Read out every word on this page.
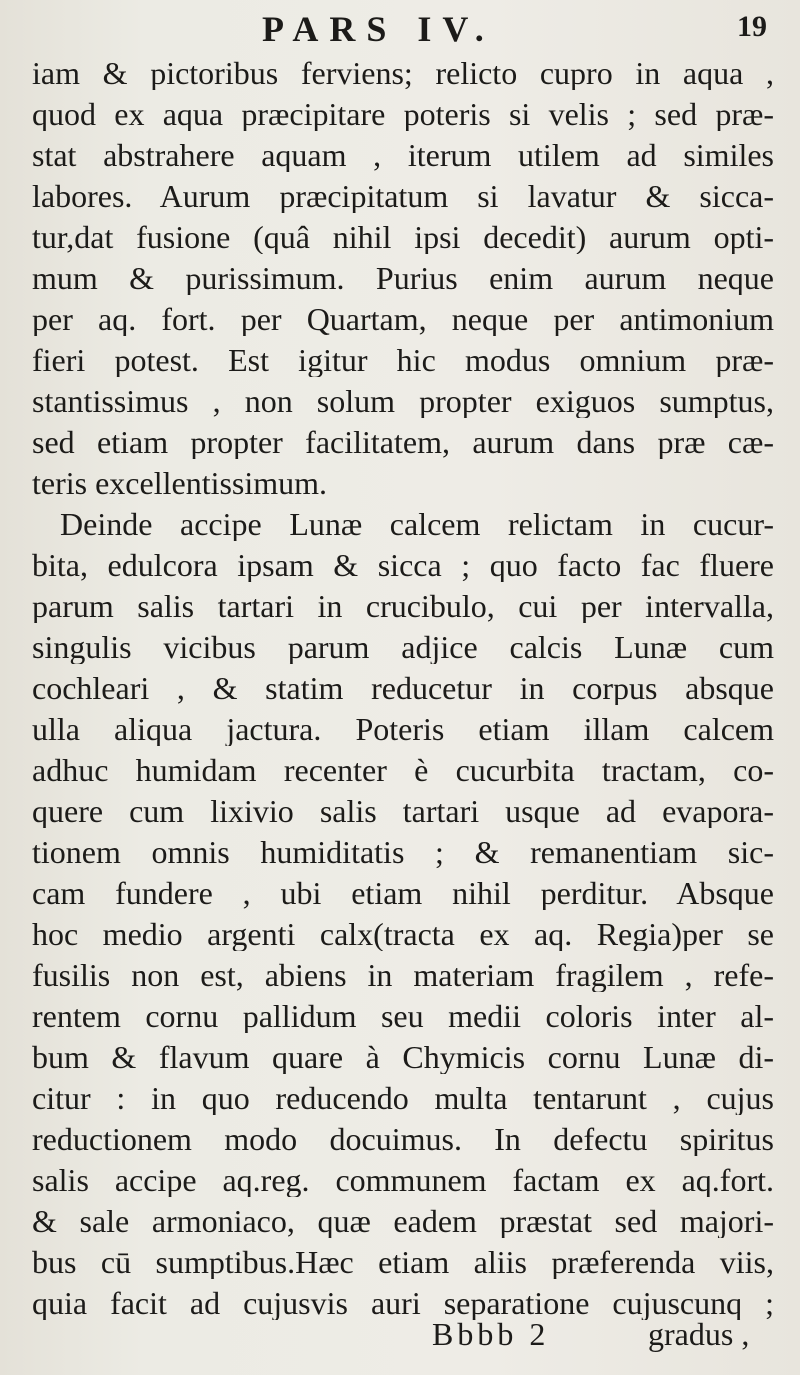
PARS IV.	19
iam & pictoribus ferviens; relicto cupro in aqua ,
quod ex aqua præcipitare poteris si velis ; sed præ-
stat abstrahere aquam , iterum utilem ad similes
labores. Aurum præcipitatum si lavatur & sicca-
tur,dat fusione (quâ nihil ipsi decedit) aurum opti-
mum & purissimum. Purius enim aurum neque
per aq. fort. per Quartam, neque per antimonium
fieri potest. Est igitur hic modus omnium præ-
stantissimus , non solum propter exiguos sumptus,
sed etiam propter facilitatem, aurum dans præ cæ-
teris excellentissimum.
Deinde accipe Lunæ calcem relictam in cucur-
bita, edulcora ipsam & sicca ; quo facto fac fluere
parum salis tartari in crucibulo, cui per intervalla,
singulis vicibus parum adjice calcis Lunæ cum
cochleari , & statim reducetur in corpus absque
ulla aliqua jactura. Poteris etiam illam calcem
adhuc humidam recenter è cucurbita tractam, co-
quere cum lixivio salis tartari usque ad evapora-
tionem omnis humiditatis ; & remanentiam sic-
cam fundere , ubi etiam nihil perditur. Absque
hoc medio argenti calx(tracta ex aq. Regia)per se
fusilis non est, abiens in materiam fragilem , refe-
rentem cornu pallidum seu medii coloris inter al-
bum & flavum quare à Chymicis cornu Lunæ di-
citur : in quo reducendo multa tentarunt , cujus
reductionem modo docuimus. In defectu spiritus
salis accipe aq.reg. communem factam ex aq.fort.
& sale armoniaco, quæ eadem præstat sed majori-
bus cū sumptibus.Hæc etiam aliis præferenda viis,
quia facit ad cujusvis auri separatione cujuscunq ;
Bbbb 2	gradus ,
